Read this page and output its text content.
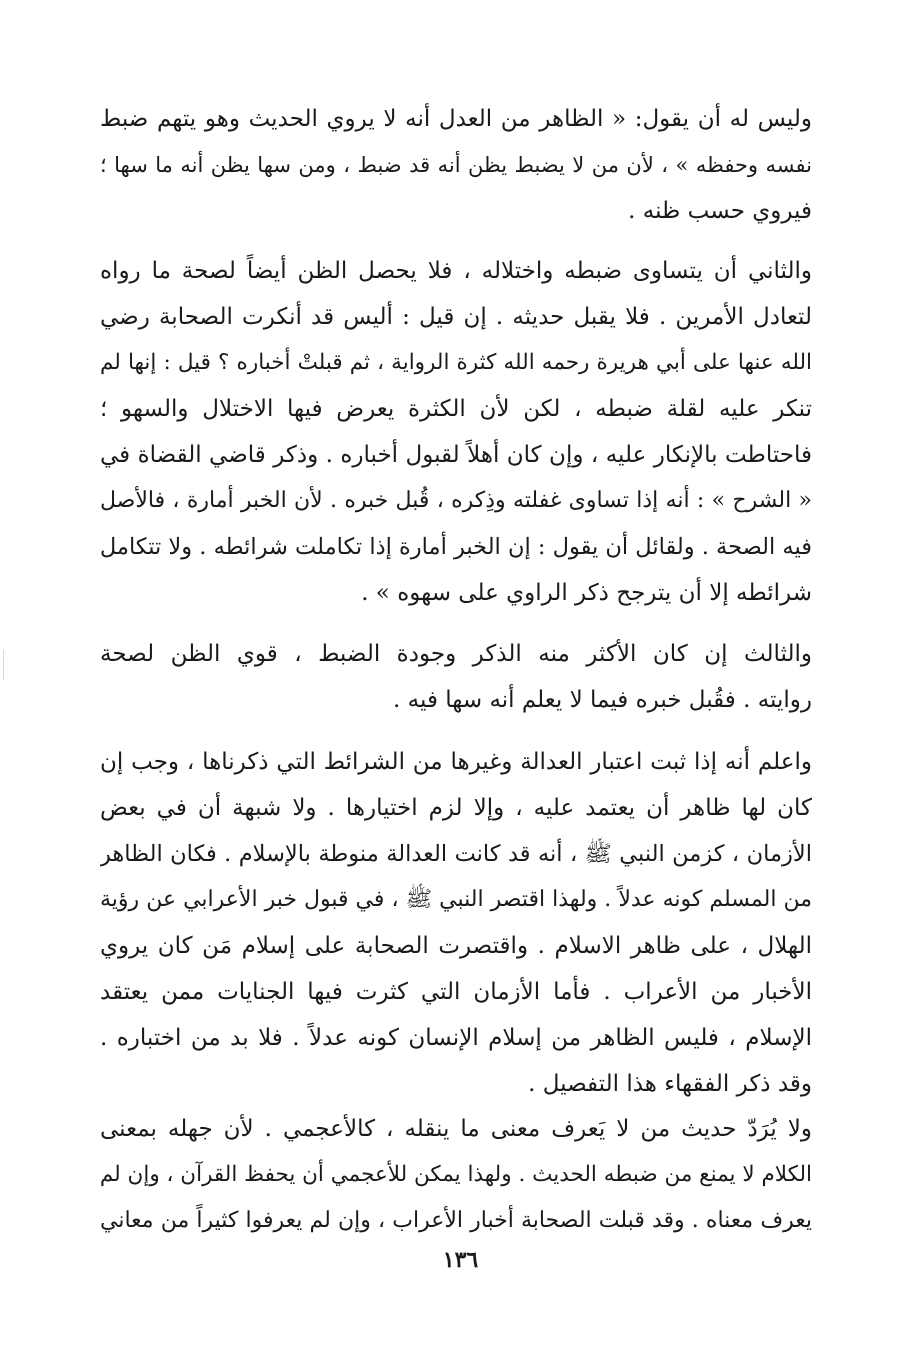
وليس له أن يقول: « الظاهر من العدل أنه لا يروي الحديث وهو يتهم ضبط
نفسه وحفظه » ، لأن من لا يضبط يظن أنه قد ضبط ، ومن سها يظن أنه ما سها ؛
فيروي حسب ظنه .
والثاني أن يتساوى ضبطه واختلاله ، فلا يحصل الظن أيضاً لصحة ما رواه
لتعادل الأمرين . فلا يقبل حديثه . إن قيل : أليس قد أنكرت الصحابة رضي
الله عنها على أبي هريرة رحمه الله كثرة الرواية ، ثم قبلتْ أخباره ؟ قيل : إنها لم
تنكر عليه لقلة ضبطه ، لكن لأن الكثرة يعرض فيها الاختلال والسهو ؛
فاحتاطت بالإنكار عليه ، وإن كان أهلاً لقبول أخباره . وذكر قاضي القضاة في
« الشرح » : أنه إذا تساوى غفلته وذِكره ، قُبل خبره . لأن الخبر أمارة ، فالأصل
فيه الصحة . ولقائل أن يقول : إن الخبر أمارة إذا تكاملت شرائطه . ولا تتكامل
شرائطه إلا أن يترجح ذكر الراوي على سهوه » .
والثالث إن كان الأكثر منه الذكر وجودة الضبط ، قوي الظن لصحة
روايته . فقُبل خبره فيما لا يعلم أنه سها فيه .
واعلم أنه إذا ثبت اعتبار العدالة وغيرها من الشرائط التي ذكرناها ، وجب إن
كان لها ظاهر أن يعتمد عليه ، وإلا لزم اختيارها . ولا شبهة أن في بعض
الأزمان ، كزمن النبي ﷺ ، أنه قد كانت العدالة منوطة بالإسلام . فكان الظاهر
من المسلم كونه عدلاً . ولهذا اقتصر النبي ﷺ ، في قبول خبر الأعرابي عن رؤية
الهلال ، على ظاهر الاسلام . واقتصرت الصحابة على إسلام مَن كان يروي
الأخبار من الأعراب . فأما الأزمان التي كثرت فيها الجنايات ممن يعتقد
الإسلام ، فليس الظاهر من إسلام الإنسان كونه عدلاً . فلا بد من اختباره .
وقد ذكر الفقهاء هذا التفصيل .
ولا يُرَدّ حديث من لا يَعرف معنى ما ينقله ، كالأعجمي . لأن جهله بمعنى
الكلام لا يمنع من ضبطه الحديث . ولهذا يمكن للأعجمي أن يحفظ القرآن ، وإن لم
يعرف معناه . وقد قبلت الصحابة أخبار الأعراب ، وإن لم يعرفوا كثيراً من معاني
١٣٦
